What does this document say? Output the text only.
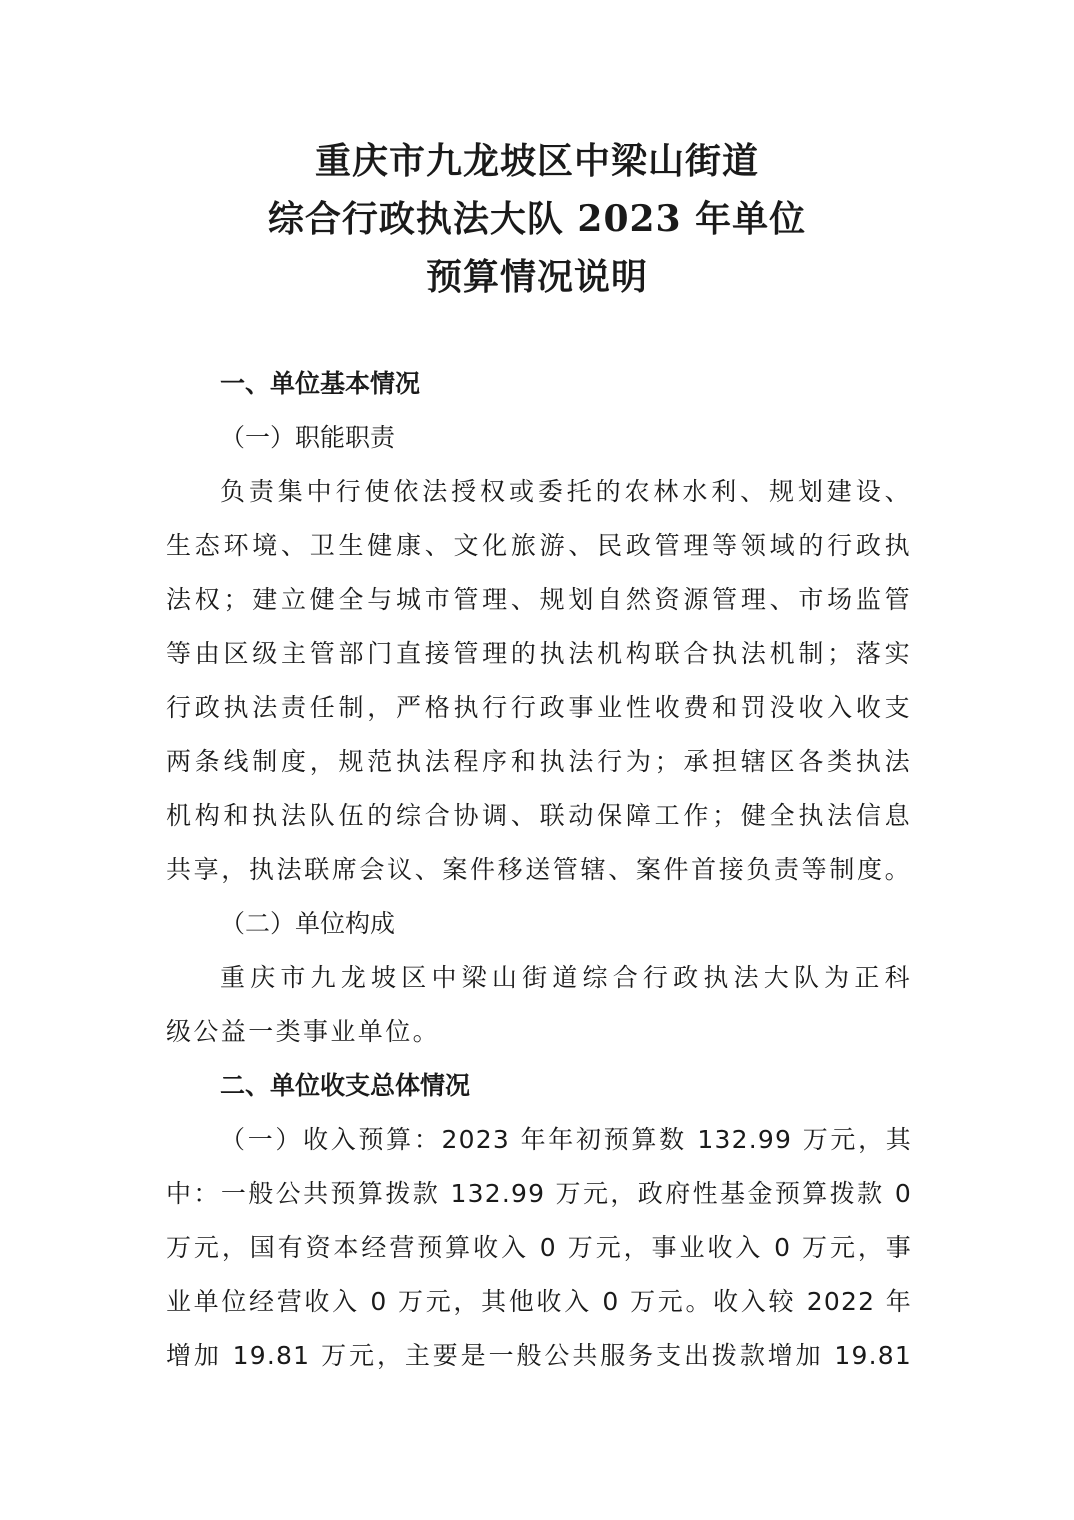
重庆市九龙坡区中梁山街道
综合行政执法大队 2023 年单位
预算情况说明

一、单位基本情况

（一）职能职责

负责集中行使依法授权或委托的农林水利、规划建设、
生态环境、卫生健康、文化旅游、民政管理等领域的行政执
法权；建立健全与城市管理、规划自然资源管理、市场监管
等由区级主管部门直接管理的执法机构联合执法机制；落实
行政执法责任制，严格执行行政事业性收费和罚没收入收支
两条线制度，规范执法程序和执法行为；承担辖区各类执法
机构和执法队伍的综合协调、联动保障工作；健全执法信息
共享，执法联席会议、案件移送管辖、案件首接负责等制度。

（二）单位构成

重庆市九龙坡区中梁山街道综合行政执法大队为正科
级公益一类事业单位。

二、单位收支总体情况

（一）收入预算：2023 年年初预算数 132.99 万元，其
中：一般公共预算拨款 132.99 万元，政府性基金预算拨款 0
万元，国有资本经营预算收入 0 万元，事业收入 0 万元，事
业单位经营收入 0 万元，其他收入 0 万元。收入较 2022 年
增加 19.81 万元，主要是一般公共服务支出拨款增加 19.81
